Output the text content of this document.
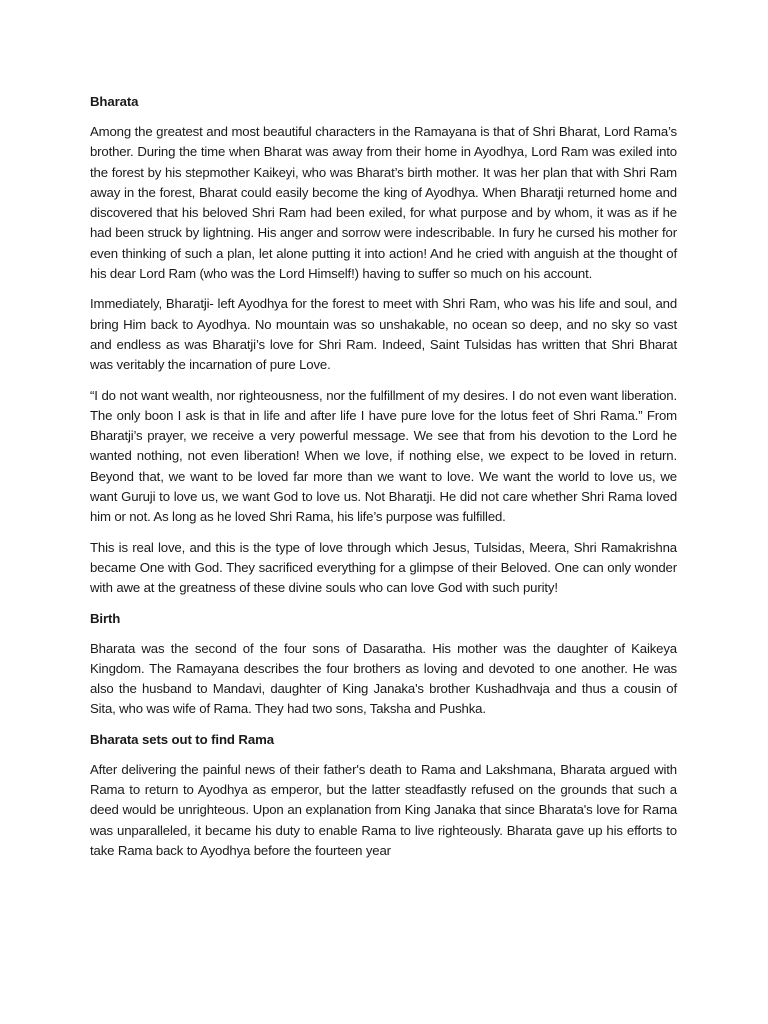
Bharata

Among the greatest and most beautiful characters in the Ramayana is that of Shri Bharat, Lord Rama’s brother. During the time when Bharat was away from their home in Ayodhya, Lord Ram was exiled into the forest by his stepmother Kaikeyi, who was Bharat’s birth mother. It was her plan that with Shri Ram away in the forest, Bharat could easily become the king of Ayodhya. When Bharatji returned home and discovered that his beloved Shri Ram had been exiled, for what purpose and by whom, it was as if he had been struck by lightning. His anger and sorrow were indescribable. In fury he cursed his mother for even thinking of such a plan, let alone putting it into action! And he cried with anguish at the thought of his dear Lord Ram (who was the Lord Himself!) having to suffer so much on his account.

Immediately, Bharatji- left Ayodhya for the forest to meet with Shri Ram, who was his life and soul, and bring Him back to Ayodhya. No mountain was so unshakable, no ocean so deep, and no sky so vast and endless as was Bharatji’s love for Shri Ram. Indeed, Saint Tulsidas has written that Shri Bharat was veritably the incarnation of pure Love.

“I do not want wealth, nor righteousness, nor the fulfillment of my desires. I do not even want liberation. The only boon I ask is that in life and after life I have pure love for the lotus feet of Shri Rama.” From Bharatji’s prayer, we receive a very powerful message. We see that from his devotion to the Lord he wanted nothing, not even liberation! When we love, if nothing else, we expect to be loved in return. Beyond that, we want to be loved far more than we want to love. We want the world to love us, we want Guruji to love us, we want God to love us. Not Bharatji. He did not care whether Shri Rama loved him or not. As long as he loved Shri Rama, his life’s purpose was fulfilled.

This is real love, and this is the type of love through which Jesus, Tulsidas, Meera, Shri Ramakrishna became One with God. They sacrificed everything for a glimpse of their Beloved. One can only wonder with awe at the greatness of these divine souls who can love God with such purity!

Birth

Bharata was the second of the four sons of Dasaratha. His mother was the daughter of Kaikeya Kingdom. The Ramayana describes the four brothers as loving and devoted to one another. He was also the husband to Mandavi, daughter of King Janaka's brother Kushadhvaja and thus a cousin of Sita, who was wife of Rama. They had two sons, Taksha and Pushka.

Bharata sets out to find Rama

After delivering the painful news of their father's death to Rama and Lakshmana, Bharata argued with Rama to return to Ayodhya as emperor, but the latter steadfastly refused on the grounds that such a deed would be unrighteous. Upon an explanation from King Janaka that since Bharata's love for Rama was unparalleled, it became his duty to enable Rama to live righteously. Bharata gave up his efforts to take Rama back to Ayodhya before the fourteen year
